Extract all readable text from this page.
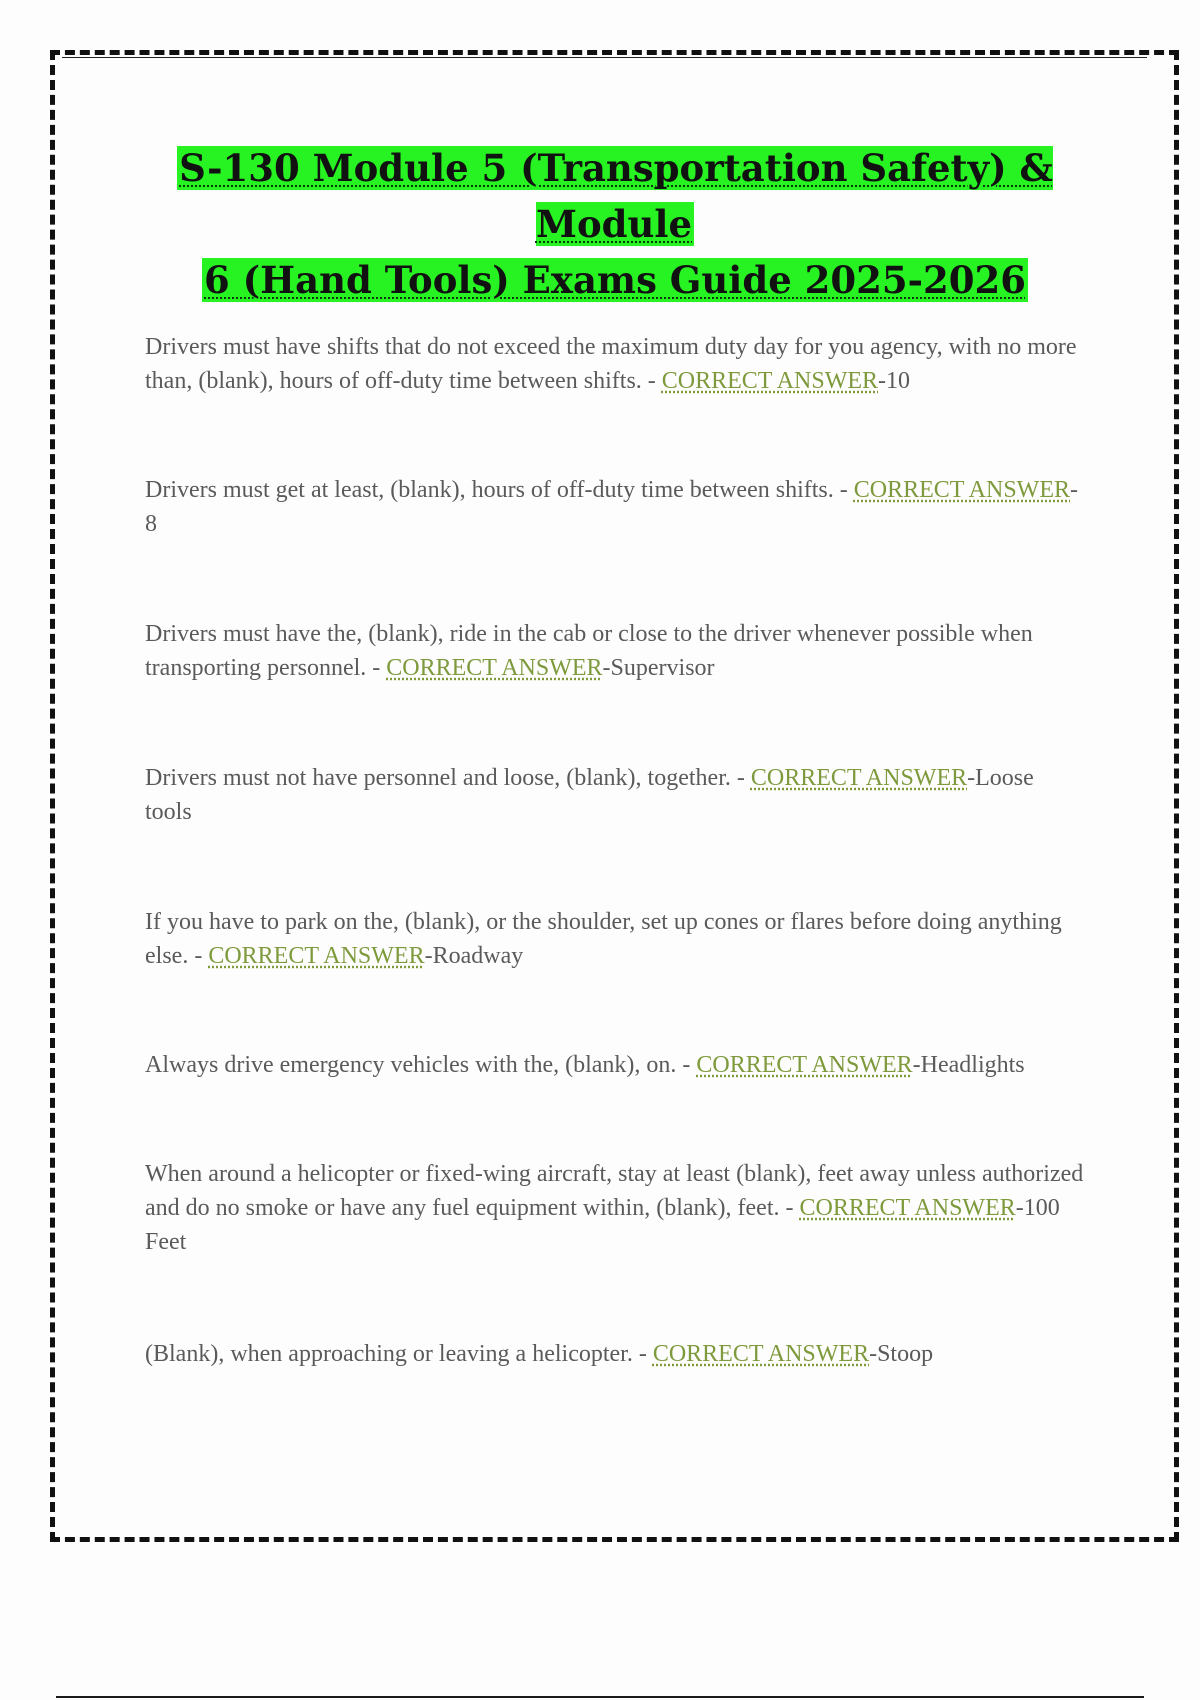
S-130 Module 5 (Transportation Safety) & Module
6 (Hand Tools) Exams Guide 2025-2026
Drivers must have shifts that do not exceed the maximum duty day for you agency, with no more than, (blank), hours of off-duty time between shifts. - CORRECT ANSWER-10
Drivers must get at least, (blank), hours of off-duty time between shifts. - CORRECT ANSWER- 8
Drivers must have the, (blank), ride in the cab or close to the driver whenever possible when transporting personnel. - CORRECT ANSWER-Supervisor
Drivers must not have personnel and loose, (blank), together. - CORRECT ANSWER-Loose tools
If you have to park on the, (blank), or the shoulder, set up cones or flares before doing anything else. - CORRECT ANSWER-Roadway
Always drive emergency vehicles with the, (blank), on. - CORRECT ANSWER-Headlights
When around a helicopter or fixed-wing aircraft, stay at least (blank), feet away unless authorized and do no smoke or have any fuel equipment within, (blank), feet. - CORRECT ANSWER-100 Feet
(Blank), when approaching or leaving a helicopter. - CORRECT ANSWER-Stoop
